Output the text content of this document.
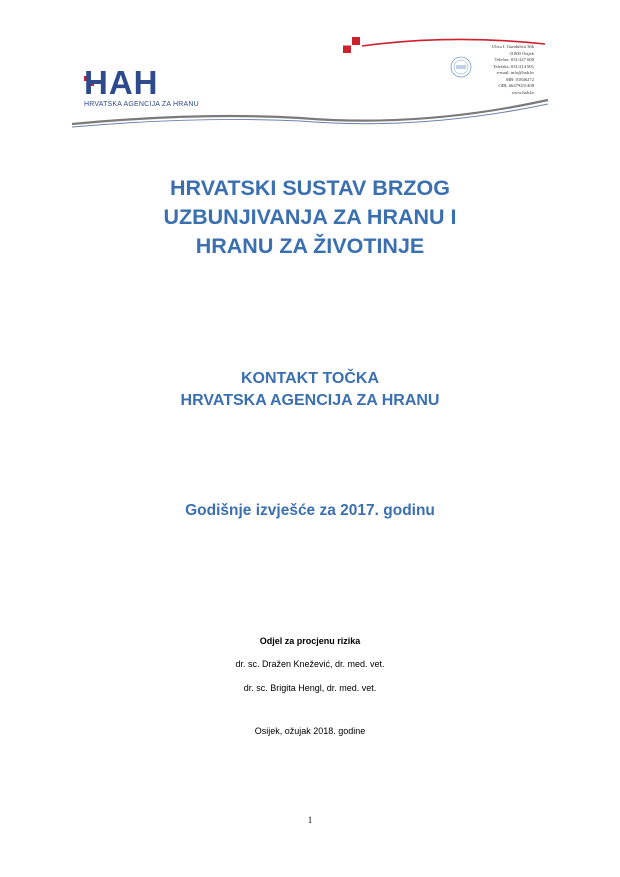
HAH
HRVATSKA AGENCIJA ZA HRANU
Ulica I. Gundulića 36b
31000 Osijek
Telefon: 031/227 600
Telefaks: 031/214 901
e-mail: info@hah.hr
MB: 01846272
OIB: 66479251408
www.hah.hr
HRVATSKI SUSTAV BRZOG
UZBUNJIVANJA ZA HRANU I
HRANU ZA ŽIVOTINJE
KONTAKT TOČKA
HRVATSKA AGENCIJA ZA HRANU
Godišnje izvješće za 2017. godinu
Odjel za procjenu rizika
dr. sc. Dražen Knežević, dr. med. vet.
dr. sc. Brigita Hengl, dr. med. vet.
Osijek, ožujak 2018. godine
1
